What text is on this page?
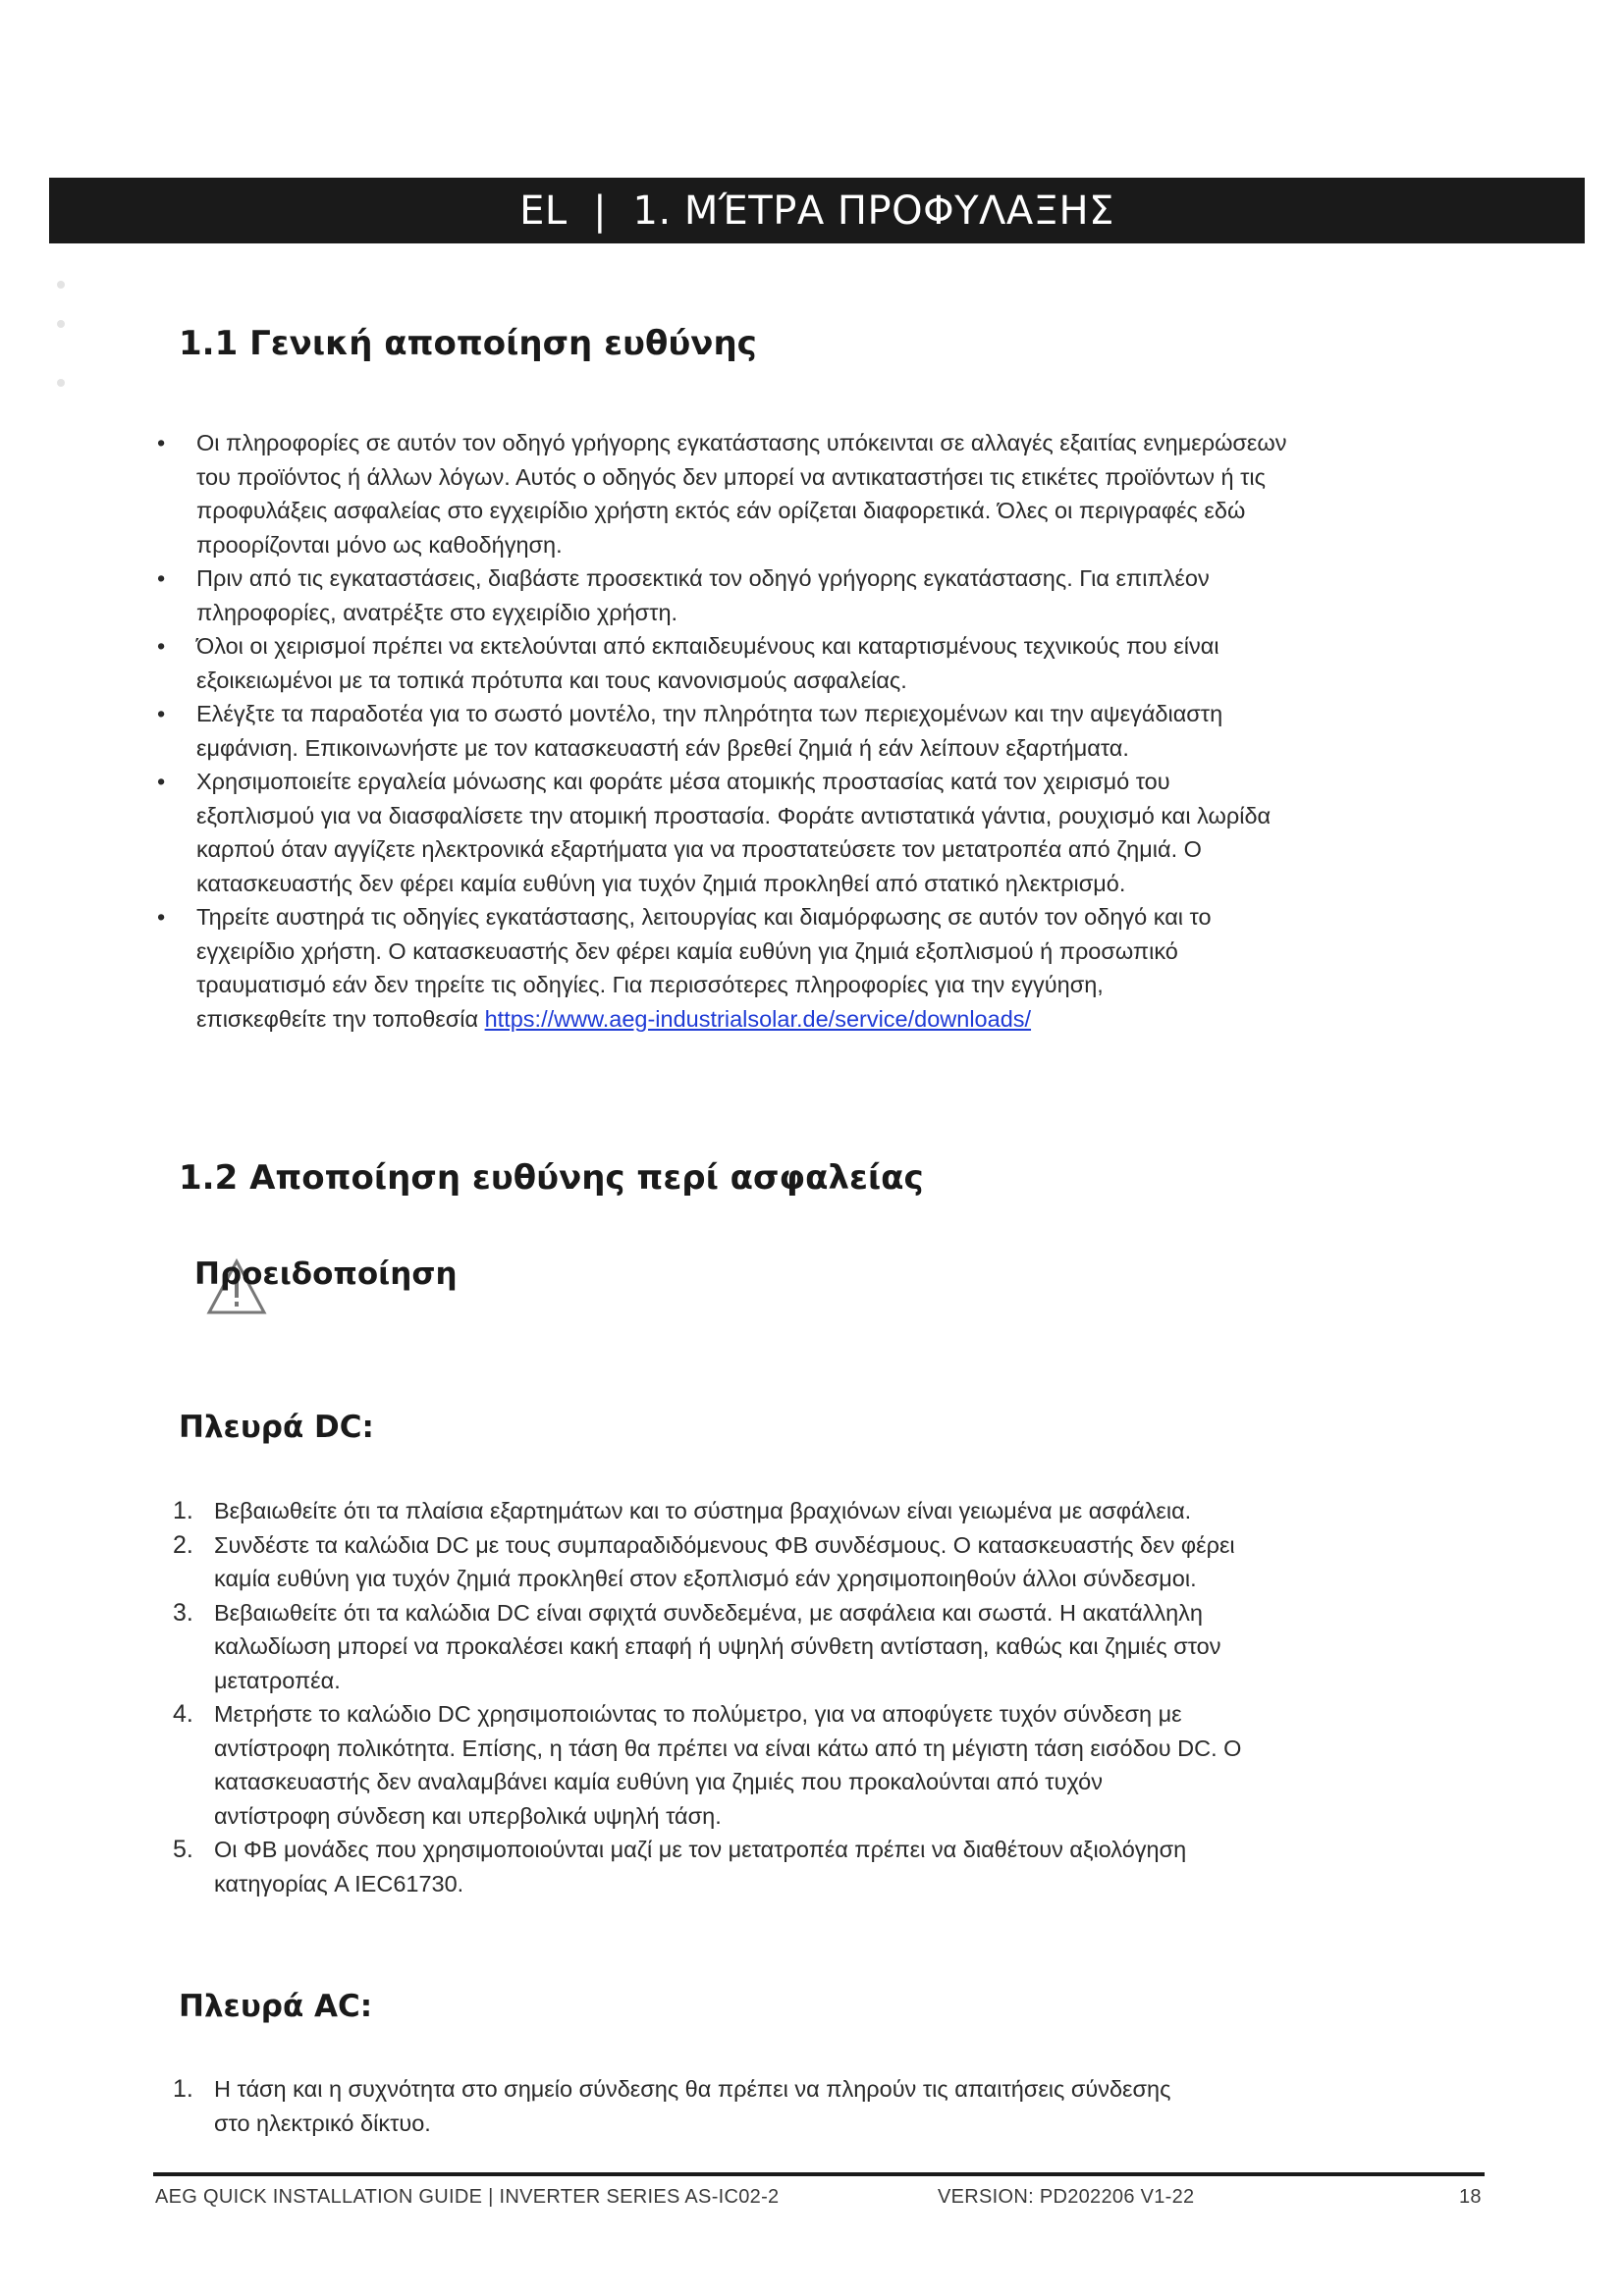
EL  |  1. ΜΈΤΡΑ ΠΡΟΦΥΛΑΞΗΣ
1.1 Γενική αποποίηση ευθύνης
• Οι πληροφορίες σε αυτόν τον οδηγό γρήγορης εγκατάστασης υπόκεινται σε αλλαγές εξαιτίας ενημερώσεων
του προϊόντος ή άλλων λόγων. Αυτός ο οδηγός δεν μπορεί να αντικαταστήσει τις ετικέτες προϊόντων ή τις
προφυλάξεις ασφαλείας στο εγχειρίδιο χρήστη εκτός εάν ορίζεται διαφορετικά. Όλες οι περιγραφές εδώ
προορίζονται μόνο ως καθοδήγηση.
• Πριν από τις εγκαταστάσεις, διαβάστε προσεκτικά τον οδηγό γρήγορης εγκατάστασης. Για επιπλέον
πληροφορίες, ανατρέξτε στο εγχειρίδιο χρήστη.
• Όλοι οι χειρισμοί πρέπει να εκτελούνται από εκπαιδευμένους και καταρτισμένους τεχνικούς που είναι
εξοικειωμένοι με τα τοπικά πρότυπα και τους κανονισμούς ασφαλείας.
• Ελέγξτε τα παραδοτέα για το σωστό μοντέλο, την πληρότητα των περιεχομένων και την αψεγάδιαστη
εμφάνιση. Επικοινωνήστε με τον κατασκευαστή εάν βρεθεί ζημιά ή εάν λείπουν εξαρτήματα.
• Χρησιμοποιείτε εργαλεία μόνωσης και φοράτε μέσα ατομικής προστασίας κατά τον χειρισμό του
εξοπλισμού για να διασφαλίσετε την ατομική προστασία. Φοράτε αντιστατικά γάντια, ρουχισμό και λωρίδα
καρπού όταν αγγίζετε ηλεκτρονικά εξαρτήματα για να προστατεύσετε τον μετατροπέα από ζημιά. Ο
κατασκευαστής δεν φέρει καμία ευθύνη για τυχόν ζημιά προκληθεί από στατικό ηλεκτρισμό.
• Τηρείτε αυστηρά τις οδηγίες εγκατάστασης, λειτουργίας και διαμόρφωσης σε αυτόν τον οδηγό και το
εγχειρίδιο χρήστη. Ο κατασκευαστής δεν φέρει καμία ευθύνη για ζημιά εξοπλισμού ή προσωπικό
τραυματισμό εάν δεν τηρείτε τις οδηγίες. Για περισσότερες πληροφορίες για την εγγύηση,
επισκεφθείτε την τοποθεσία https://www.aeg-industrialsolar.de/service/downloads/
1.2 Αποποίηση ευθύνης περί ασφαλείας
Προειδοποίηση
Πλευρά DC:
1. Βεβαιωθείτε ότι τα πλαίσια εξαρτημάτων και το σύστημα βραχιόνων είναι γειωμένα με ασφάλεια.
2. Συνδέστε τα καλώδια DC με τους συμπαραδιδόμενους ΦΒ συνδέσμους. Ο κατασκευαστής δεν φέρει
καμία ευθύνη για τυχόν ζημιά προκληθεί στον εξοπλισμό εάν χρησιμοποιηθούν άλλοι σύνδεσμοι.
3. Βεβαιωθείτε ότι τα καλώδια DC είναι σφιχτά συνδεδεμένα, με ασφάλεια και σωστά. Η ακατάλληλη
καλωδίωση μπορεί να προκαλέσει κακή επαφή ή υψηλή σύνθετη αντίσταση, καθώς και ζημιές στον
μετατροπέα.
4. Μετρήστε το καλώδιο DC χρησιμοποιώντας το πολύμετρο, για να αποφύγετε τυχόν σύνδεση με
αντίστροφη πολικότητα. Επίσης, η τάση θα πρέπει να είναι κάτω από τη μέγιστη τάση εισόδου DC. Ο
κατασκευαστής δεν αναλαμβάνει καμία ευθύνη για ζημιές που προκαλούνται από τυχόν
αντίστροφη σύνδεση και υπερβολικά υψηλή τάση.
5. Οι ΦΒ μονάδες που χρησιμοποιούνται μαζί με τον μετατροπέα πρέπει να διαθέτουν αξιολόγηση
κατηγορίας A IEC61730.
Πλευρά AC:
1. Η τάση και η συχνότητα στο σημείο σύνδεσης θα πρέπει να πληρούν τις απαιτήσεις σύνδεσης
στο ηλεκτρικό δίκτυο.
AEG QUICK INSTALLATION GUIDE | INVERTER SERIES AS-IC02-2	VERSION: PD202206 V1-22	18
